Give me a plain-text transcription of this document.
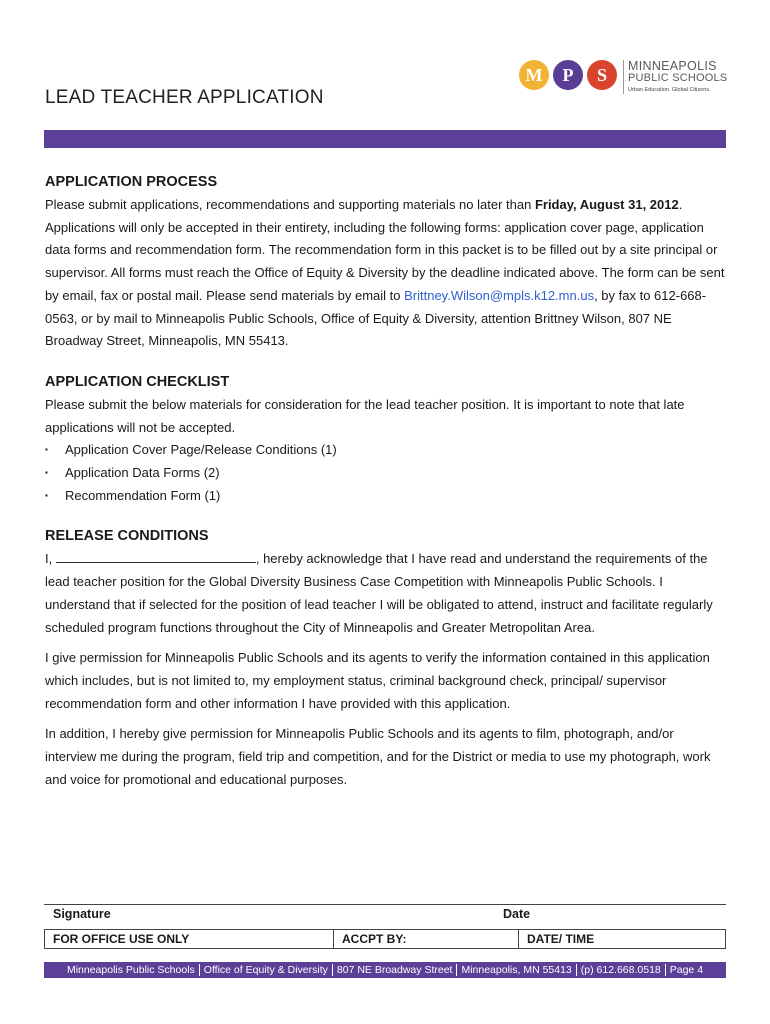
LEAD TEACHER APPLICATION
M	P	S	MINNEAPOLIS
PUBLIC SCHOOLS
Urban Education. Global Citizens.
APPLICATION PROCESS

Please submit applications, recommendations and supporting materials no later than Friday, August 31, 2012. Applications will only be accepted in their entirety, including the following forms: application cover page, application data forms and recommendation form. The recommendation form in this packet is to be filled out by a site principal or supervisor. All forms must reach the Office of Equity & Diversity by the deadline indicated above. The form can be sent by email, fax or postal mail. Please send materials by email to Brittney.Wilson@mpls.k12.mn.us, by fax to 612-668-0563, or by mail to Minneapolis Public Schools, Office of Equity & Diversity, attention Brittney Wilson, 807 NE Broadway Street, Minneapolis, MN 55413.

APPLICATION CHECKLIST

Please submit the below materials for consideration for the lead teacher position. It is important to note that late applications will not be accepted.

▪ Application Cover Page/Release Conditions (1)
▪ Application Data Forms (2)
▪ Recommendation Form (1)
RELEASE CONDITIONS

I,	, hereby acknowledge that I have read and understand the requirements of the lead teacher position for the Global Diversity Business Case Competition with Minneapolis Public Schools. I understand that if selected for the position of lead teacher I will be obligated to attend, instruct and facilitate regularly scheduled program functions throughout the City of Minneapolis and Greater Metropolitan Area.

I give permission for Minneapolis Public Schools and its agents to verify the information contained in this application which includes, but is not limited to, my employment status, criminal background check, principal/ supervisor recommendation form and other information I have provided with this application.

In addition, I hereby give permission for Minneapolis Public Schools and its agents to film, photograph, and/or interview me during the program, field trip and competition, and for the District or media to use my photograph, work and voice for promotional and educational purposes.

Signature	Date
FOR OFFICE USE ONLY	ACCPT BY:	DATE/ TIME
Minneapolis Public Schools Office of Equity & Diversity 807 NE Broadway Street Minneapolis, MN 55413 (p) 612.668.0518 Page 4
